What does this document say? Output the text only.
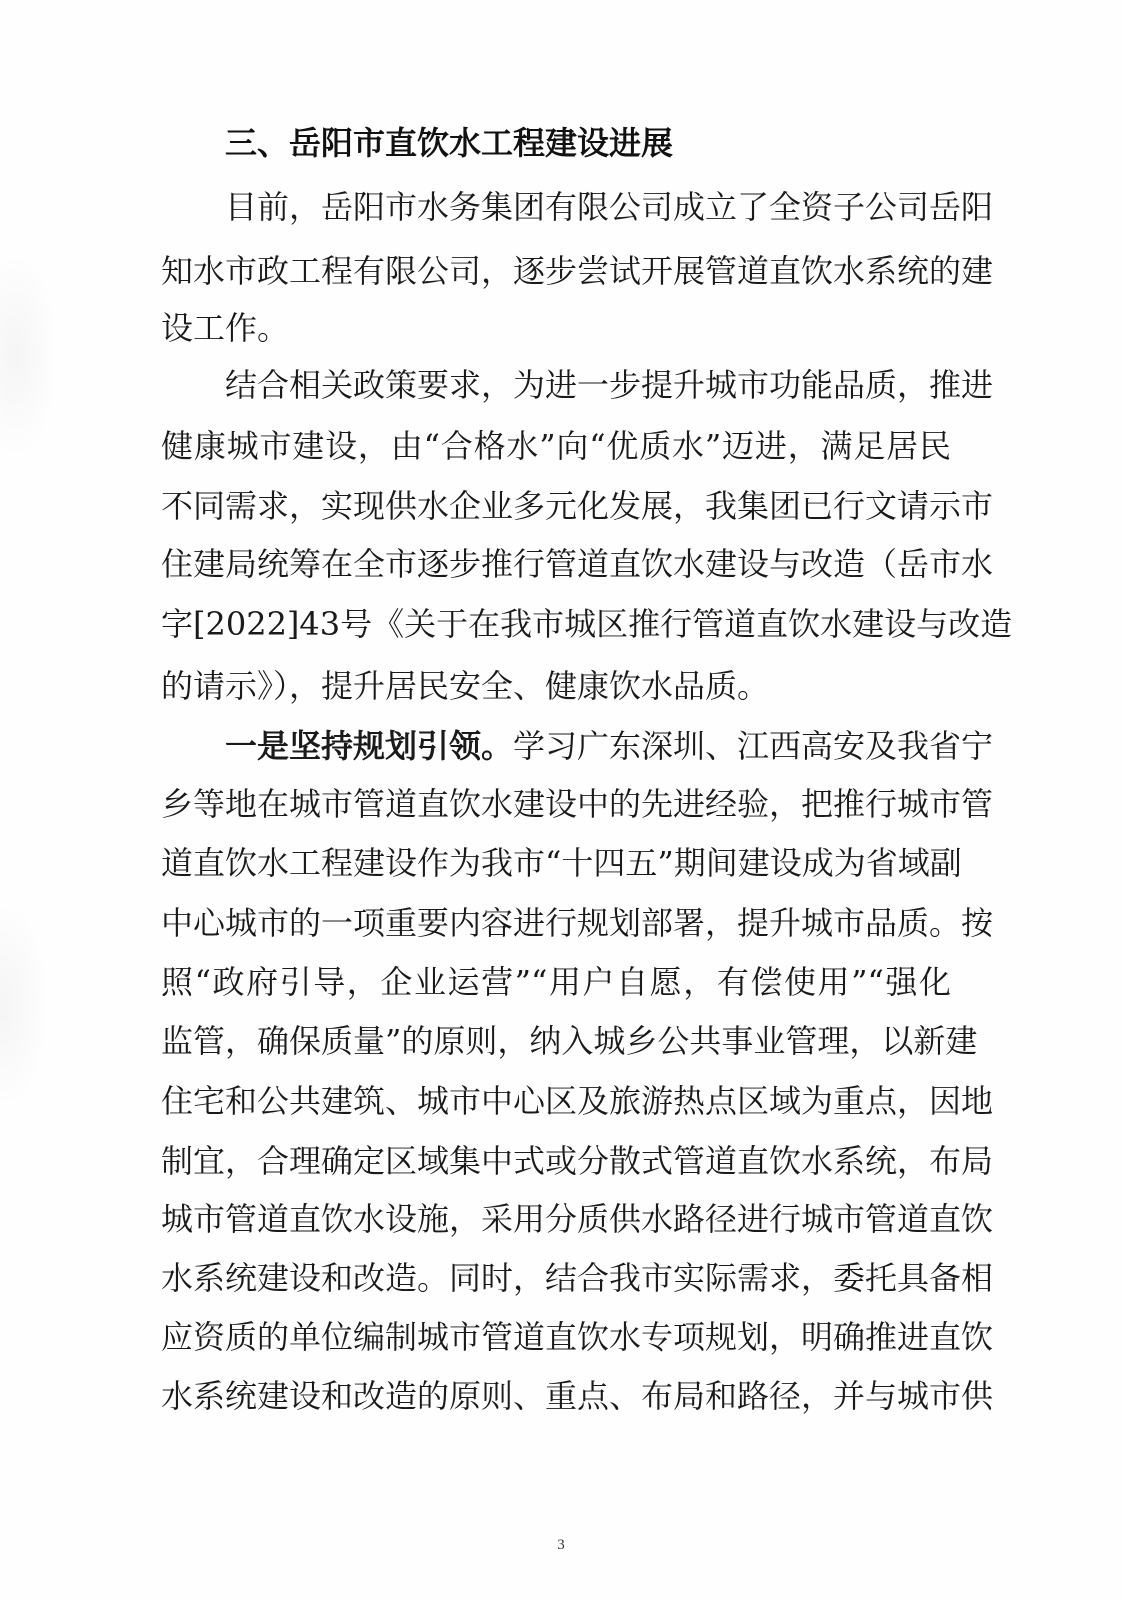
三、岳阳市直饮水工程建设进展
目前，岳阳市水务集团有限公司成立了全资子公司岳阳
知水市政工程有限公司，逐步尝试开展管道直饮水系统的建
设工作。
结合相关政策要求，为进一步提升城市功能品质，推进
健康城市建设，由“合格水”向“优质水”迈进，满足居民
不同需求，实现供水企业多元化发展，我集团已行文请示市
住建局统筹在全市逐步推行管道直饮水建设与改造（岳市水
字[2022]43号《关于在我市城区推行管道直饮水建设与改造
的请示》），提升居民安全、健康饮水品质。
一是坚持规划引领。学习广东深圳、江西高安及我省宁
乡等地在城市管道直饮水建设中的先进经验，把推行城市管
道直饮水工程建设作为我市“十四五”期间建设成为省域副
中心城市的一项重要内容进行规划部署，提升城市品质。按
照“政府引导，企业运营”“用户自愿，有偿使用”“强化
监管，确保质量”的原则，纳入城乡公共事业管理，以新建
住宅和公共建筑、城市中心区及旅游热点区域为重点，因地
制宜，合理确定区域集中式或分散式管道直饮水系统，布局
城市管道直饮水设施，采用分质供水路径进行城市管道直饮
水系统建设和改造。同时，结合我市实际需求，委托具备相
应资质的单位编制城市管道直饮水专项规划，明确推进直饮
水系统建设和改造的原则、重点、布局和路径，并与城市供
3
